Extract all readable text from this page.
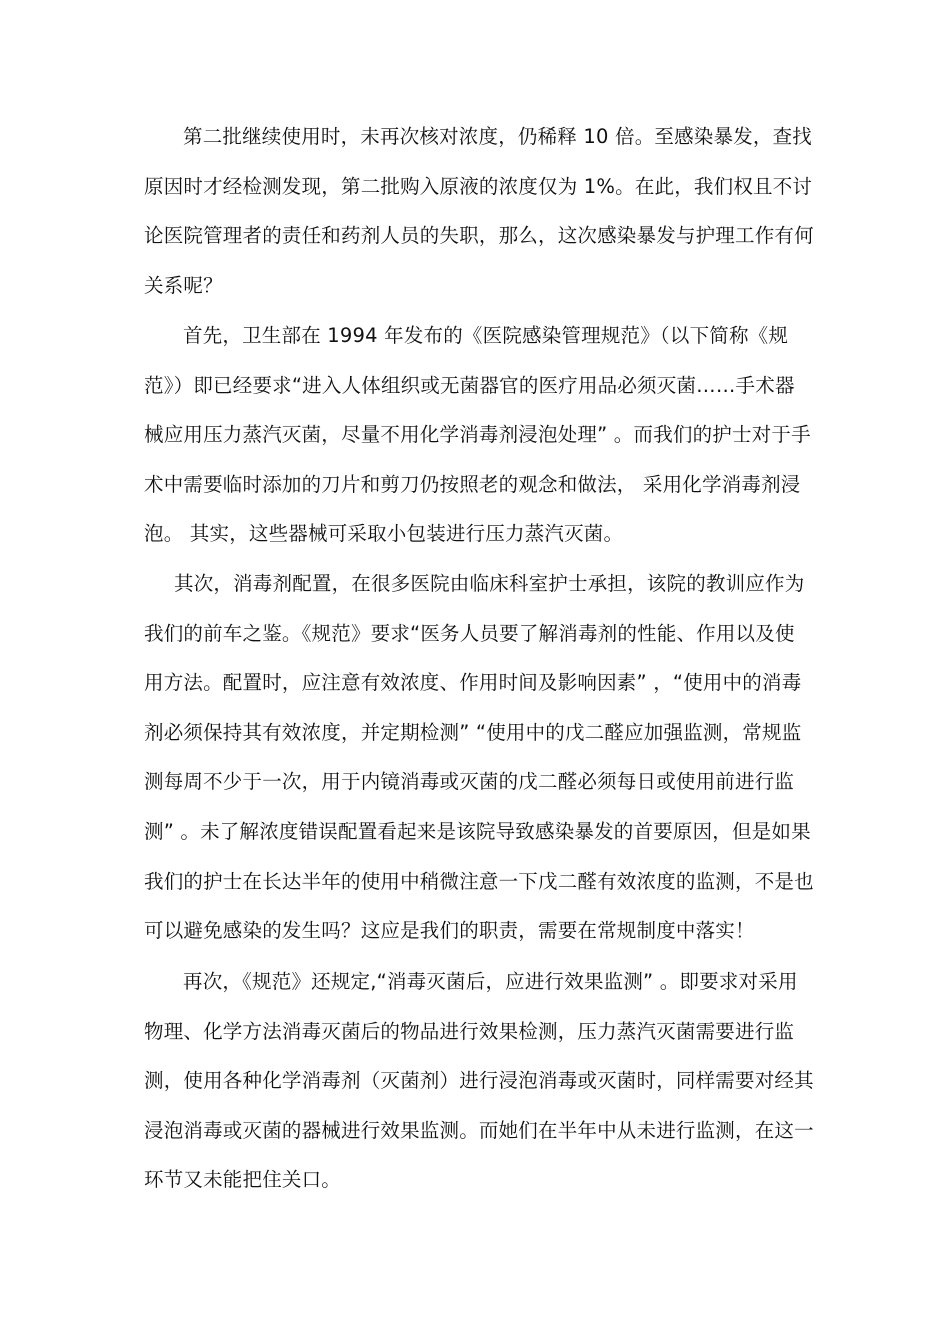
第二批继续使用时，未再次核对浓度，仍稀释 10 倍。至感染暴发，查找原因时才经检测发现，第二批购入原液的浓度仅为 1%。在此，我们权且不讨论医院管理者的责任和药剂人员的失职，那么，这次感染暴发与护理工作有何关系呢？

首先，卫生部在 1994 年发布的《医院感染管理规范》（以下简称《规范》）即已经要求“进入人体组织或无菌器官的医疗用品必须灭菌……手术器械应用压力蒸汽灭菌，尽量不用化学消毒剂浸泡处理” 。而我们的护士对于手术中需要临时添加的刀片和剪刀仍按照老的观念和做法， 采用化学消毒剂浸泡。 其实，这些器械可采取小包装进行压力蒸汽灭菌。

其次，消毒剂配置，在很多医院由临床科室护士承担，该院的教训应作为我们的前车之鉴。《规范》要求“医务人员要了解消毒剂的性能、作用以及使用方法。配置时，应注意有效浓度、作用时间及影响因素” ，“使用中的消毒剂必须保持其有效浓度，并定期检测” “使用中的戊二醛应加强监测，常规监测每周不少于一次，用于内镜消毒或灭菌的戊二醛必须每日或使用前进行监测” 。未了解浓度错误配置看起来是该院导致感染暴发的首要原因，但是如果我们的护士在长达半年的使用中稍微注意一下戊二醛有效浓度的监测，不是也可以避免感染的发生吗？这应是我们的职责，需要在常规制度中落实！

再次，《规范》还规定,“消毒灭菌后，应进行效果监测” 。即要求对采用物理、化学方法消毒灭菌后的物品进行效果检测，压力蒸汽灭菌需要进行监测，使用各种化学消毒剂（灭菌剂）进行浸泡消毒或灭菌时，同样需要对经其浸泡消毒或灭菌的器械进行效果监测。而她们在半年中从未进行监测，在这一环节又未能把住关口。
